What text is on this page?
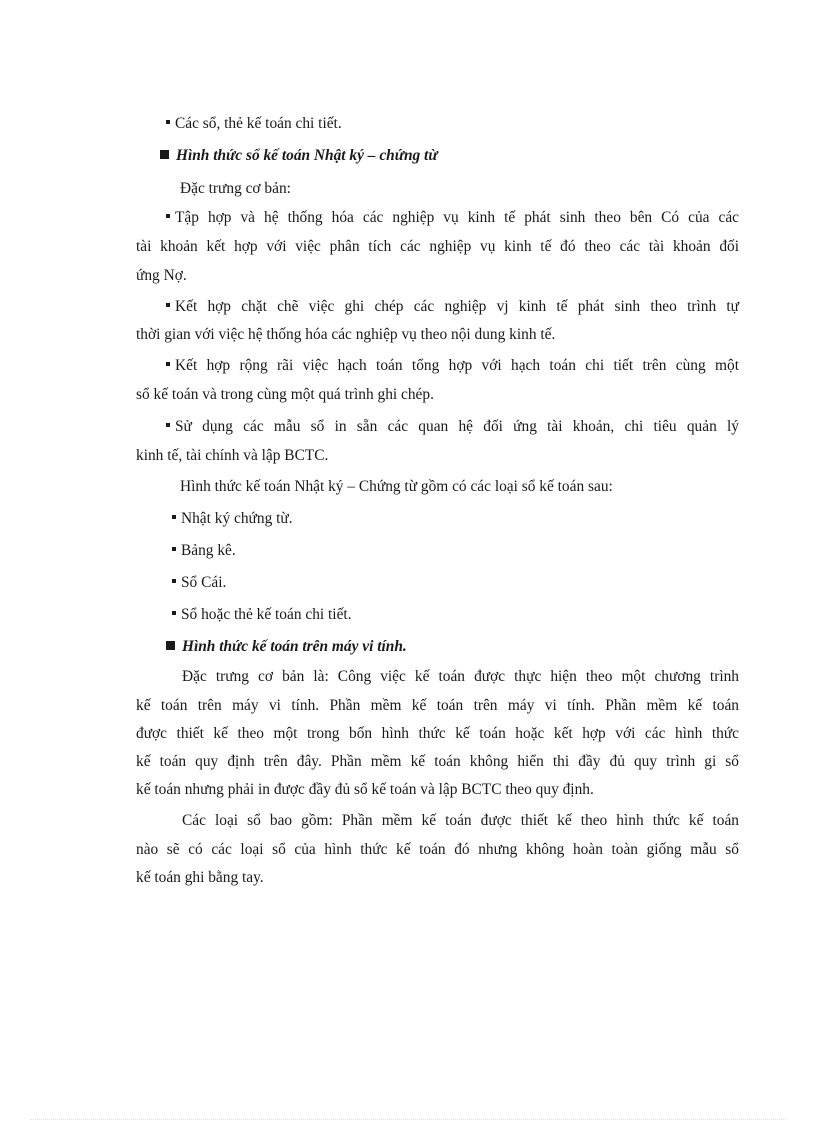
Các sổ, thẻ kế toán chi tiết.
Hình thức sổ kế toán Nhật ký – chứng từ
Đặc trưng cơ bản:
Tập hợp và hệ thống hóa các nghiệp vụ kinh tế phát sinh theo bên Có của các
tài khoản kết hợp với việc phân tích các nghiệp vụ kinh tế đó theo các tài khoản đối
ứng Nợ.
Kết hợp chặt chẽ việc ghi chép các nghiệp vj kinh tế phát sinh theo trình tự
thời gian với việc hệ thống hóa các nghiệp vụ theo nội dung kinh tế.
Kết hợp rộng rãi việc hạch toán tổng hợp với hạch toán chi tiết trên cùng một
sổ kế toán và trong cùng một quá trình ghi chép.
Sử dụng các mẫu sổ in sẵn các quan hệ đối ứng tài khoản, chi tiêu quản lý
kinh tế, tài chính và lập BCTC.
Hình thức kế toán Nhật ký – Chứng từ gồm có các loại sổ kế toán sau:
Nhật ký chứng từ.
Bảng kê.
Sổ Cái.
Sổ hoặc thẻ kế toán chi tiết.
Hình thức kế toán trên máy vi tính.
Đặc trưng cơ bản là: Công việc kế toán được thực hiện theo một chương trình
kế toán trên máy vi tính. Phần mềm kế toán trên máy vi tính. Phần mềm kế toán
được thiết kế theo một trong bốn hình thức kế toán hoặc kết hợp với các hình thức
kế toán quy định trên đây. Phần mềm kế toán không hiển thi đầy đủ quy trình gi sổ
kế toán nhưng phải in được đầy đủ sổ kế toán và lập BCTC theo quy định.
Các loại sổ bao gồm: Phần mềm kế toán được thiết kế theo hình thức kế toán
nào sẽ có các loại sổ của hình thức kế toán đó nhưng không hoàn toàn giống mẫu sổ
kế toán ghi bằng tay.
